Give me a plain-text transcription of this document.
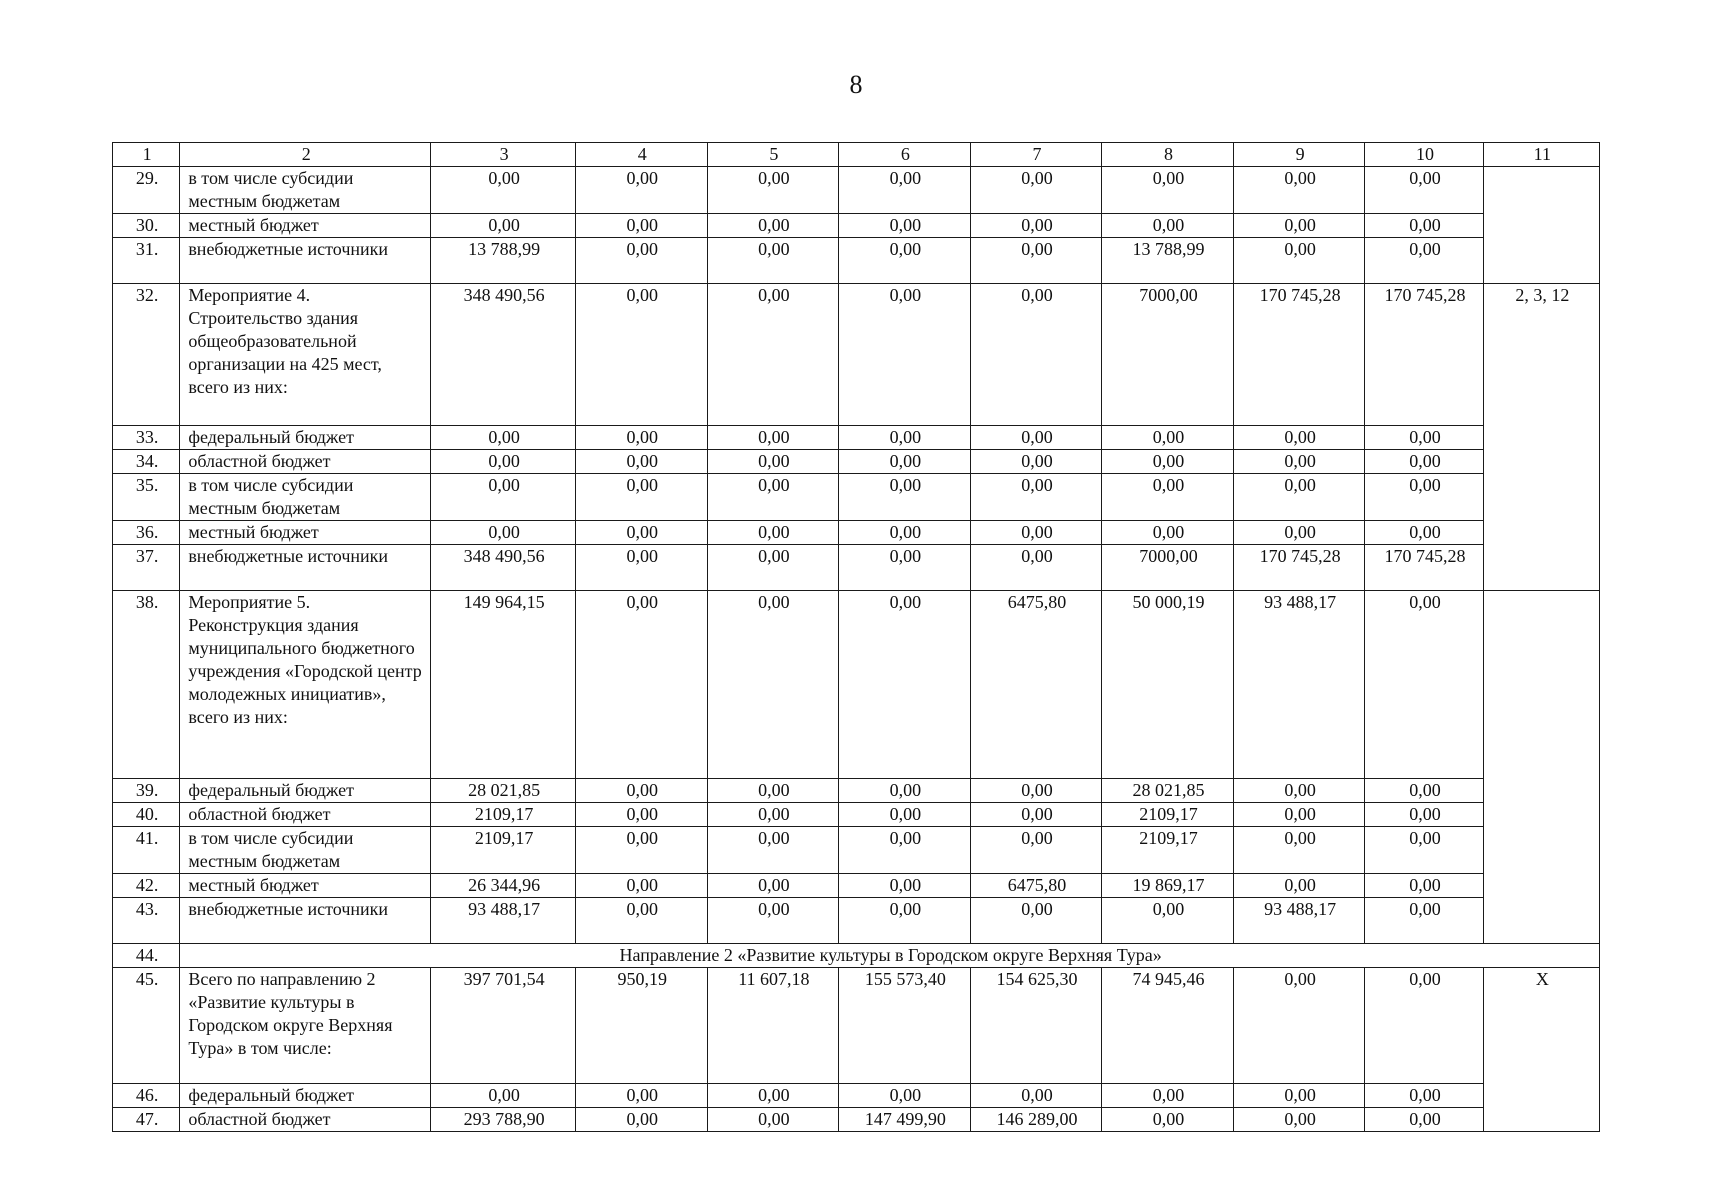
8
1	2	3	4	5	6	7	8	9	10	11
29.	в том числе субсидии местным бюджетам	0,00	0,00	0,00	0,00	0,00	0,00	0,00	0,00	
30.	местный бюджет	0,00	0,00	0,00	0,00	0,00	0,00	0,00	0,00	
31.	внебюджетные источники	13 788,99	0,00	0,00	0,00	0,00	13 788,99	0,00	0,00	
32.	Мероприятие 4. Строительство здания общеобразовательной организации на 425 мест, всего из них:	348 490,56	0,00	0,00	0,00	0,00	7000,00	170 745,28	170 745,28	2, 3, 12
33.	федеральный бюджет	0,00	0,00	0,00	0,00	0,00	0,00	0,00	0,00	
34.	областной бюджет	0,00	0,00	0,00	0,00	0,00	0,00	0,00	0,00	
35.	в том числе субсидии местным бюджетам	0,00	0,00	0,00	0,00	0,00	0,00	0,00	0,00	
36.	местный бюджет	0,00	0,00	0,00	0,00	0,00	0,00	0,00	0,00	
37.	внебюджетные источники	348 490,56	0,00	0,00	0,00	0,00	7000,00	170 745,28	170 745,28	
38.	Мероприятие 5. Реконструкция здания муниципального бюджетного учреждения «Городской центр молодежных инициатив», всего из них:	149 964,15	0,00	0,00	0,00	6475,80	50 000,19	93 488,17	0,00	
39.	федеральный бюджет	28 021,85	0,00	0,00	0,00	0,00	28 021,85	0,00	0,00	
40.	областной бюджет	2109,17	0,00	0,00	0,00	0,00	2109,17	0,00	0,00	
41.	в том числе субсидии местным бюджетам	2109,17	0,00	0,00	0,00	0,00	2109,17	0,00	0,00	
42.	местный бюджет	26 344,96	0,00	0,00	0,00	6475,80	19 869,17	0,00	0,00	
43.	внебюджетные источники	93 488,17	0,00	0,00	0,00	0,00	0,00	93 488,17	0,00	
44.	Направление 2 «Развитие культуры в Городском округе Верхняя Тура»									
45.	Всего по направлению 2 «Развитие культуры в Городском округе Верхняя Тура» в том числе:	397 701,54	950,19	11 607,18	155 573,40	154 625,30	74 945,46	0,00	0,00	X
46.	федеральный бюджет	0,00	0,00	0,00	0,00	0,00	0,00	0,00	0,00	
47.	областной бюджет	293 788,90	0,00	0,00	147 499,90	146 289,00	0,00	0,00	0,00	
